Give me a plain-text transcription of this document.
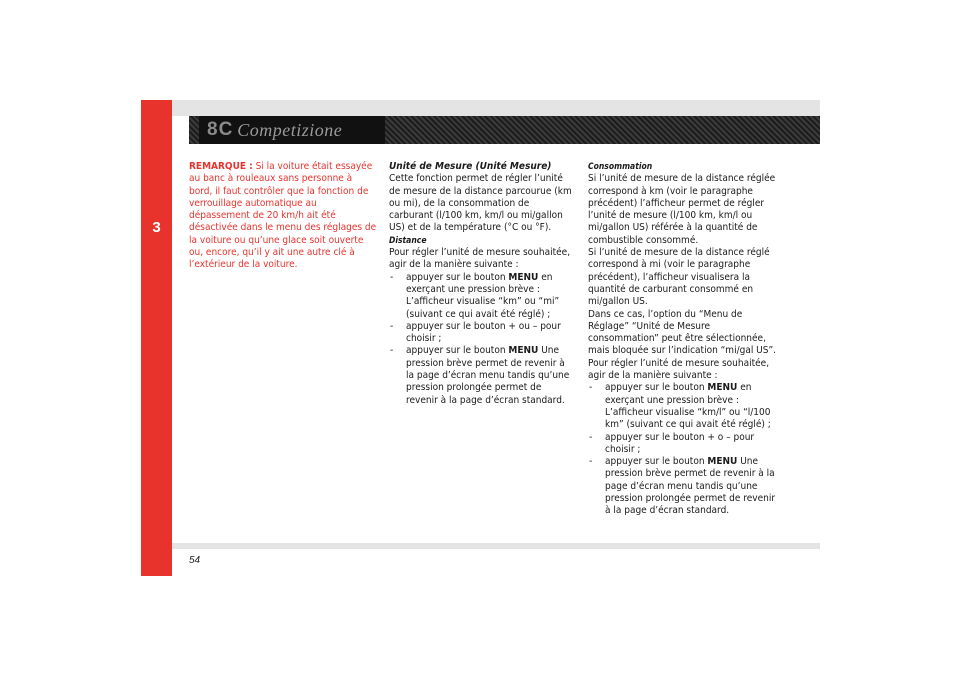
3
8C Competizione

REMARQUE : Si la voiture était essayée au banc à rouleaux sans personne à bord, il faut contrôler que la fonction de verrouillage automatique au dépassement de 20 km/h ait été désactivée dans le menu des réglages de la voiture ou qu’une glace soit ouverte ou, encore, qu’il y ait une autre clé à l’extérieur de la voiture.

Unité de Mesure (Unité Mesure)

Cette fonction permet de régler l’unité de mesure de la distance parcourue (km ou mi), de la consommation de carburant (l/100 km, km/l ou mi/gallon US) et de la température (°C ou °F).

Distance

Pour régler l’unité de mesure souhaitée, agir de la manière suivante :

- appuyer sur le bouton MENU en exerçant une pression brève : L’afficheur visualise “km” ou “mi” (suivant ce qui avait été réglé) ;
- appuyer sur le bouton + ou – pour choisir ;
- appuyer sur le bouton MENU Une pression brève permet de revenir à la page d’écran menu tandis qu’une pression prolongée permet de revenir à la page d’écran standard.

Consommation

Si l’unité de mesure de la distance réglée correspond à km (voir le paragraphe précédent) l’afficheur permet de régler l’unité de mesure (l/100 km, km/l ou mi/gallon US) référée à la quantité de combustible consommé.

Si l’unité de mesure de la distance réglé correspond à mi (voir le paragraphe précédent), l’afficheur visualisera la quantité de carburant consommé en mi/gallon US.

Dans ce cas, l’option du “Menu de Réglage” “Unité de Mesure consommation” peut être sélectionnée, mais bloquée sur l’indication “mi/gal US”. Pour régler l’unité de mesure souhaitée, agir de la manière suivante :

- appuyer sur le bouton MENU en exerçant une pression brève : L’afficheur visualise “km/l” ou “l/100 km” (suivant ce qui avait été réglé) ;
- appuyer sur le bouton + o – pour choisir ;
- appuyer sur le bouton MENU Une pression brève permet de revenir à la page d’écran menu tandis qu’une pression prolongée permet de revenir à la page d’écran standard.
54
